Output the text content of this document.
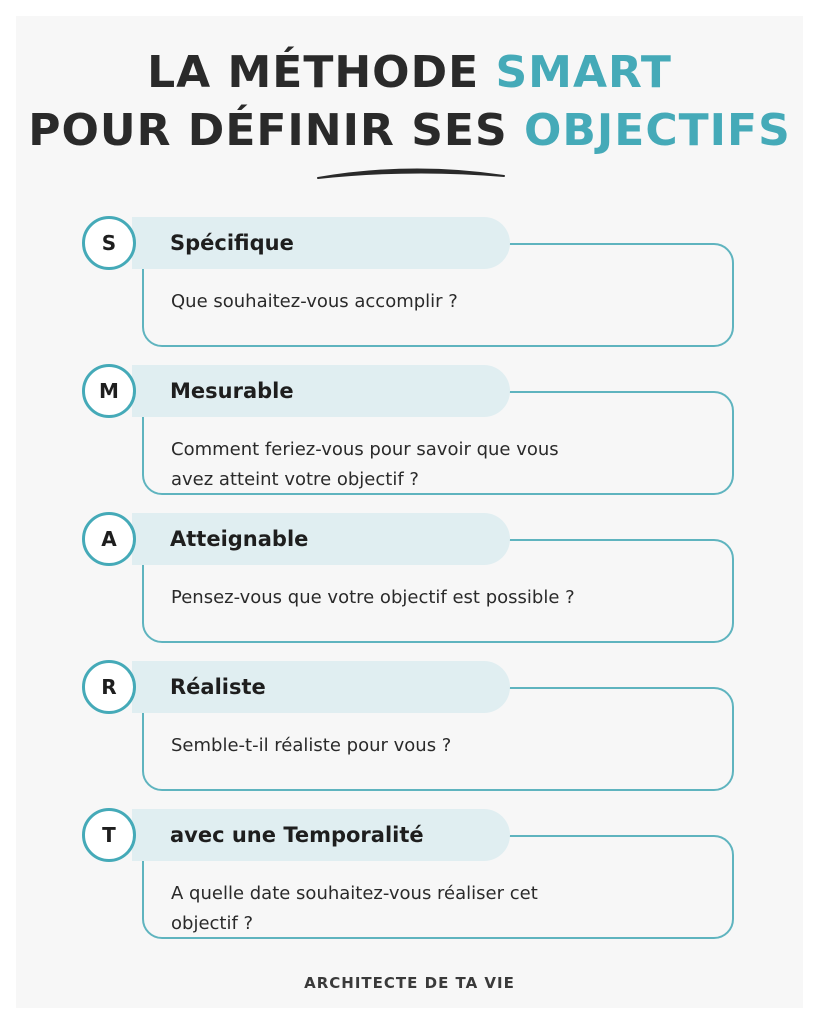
LA MÉTHODE SMART
POUR DÉFINIR SES OBJECTIFS
S	Spécifique
Que souhaitez-vous accomplir ?
M	Mesurable
Comment feriez-vous pour savoir que vous avez atteint votre objectif ?
A	Atteignable
Pensez-vous que votre objectif est possible ?
R	Réaliste
Semble-t-il réaliste pour vous ?
T	avec une Temporalité
A quelle date souhaitez-vous réaliser cet objectif ?
ARCHITECTE DE TA VIE
